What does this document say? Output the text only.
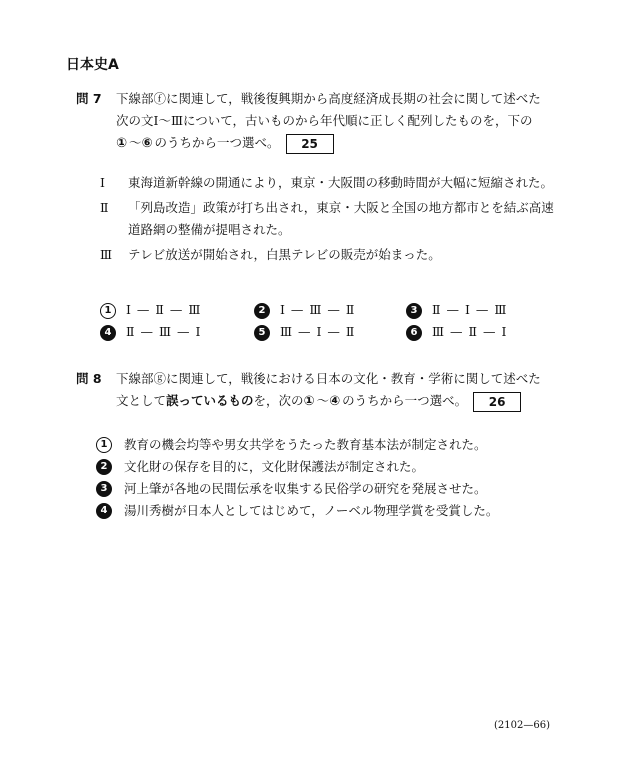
日本史A
問 7	下線部ⓕに関連して，戦後復興期から高度経済成長期の社会に関して述べた

次の文Ⅰ～Ⅲについて，古いものから年代順に正しく配列したものを，下の

① ～⑥ のうちから一つ選べ。 25

Ⅰ	東海道新幹線の開通により，東京・大阪間の移動時間が大幅に短縮された。
Ⅱ	「列島改造」政策が打ち出され，東京・大阪と全国の地方都市とを結ぶ高速道路網の整備が提唱された。
Ⅲ	テレビ放送が開始され，白黒テレビの販売が始まった。
1 Ⅰ — Ⅱ — Ⅲ	2 Ⅰ — Ⅲ — Ⅱ	3 Ⅱ — Ⅰ — Ⅲ
4 Ⅱ — Ⅲ — Ⅰ	5 Ⅲ — Ⅰ — Ⅱ	6 Ⅲ — Ⅱ — Ⅰ
問 8	下線部ⓖに関連して，戦後における日本の文化・教育・学術に関して述べた

文として誤っているものを，次の① ～④ のうちから一つ選べ。 26

1	教育の機会均等や男女共学をうたった教育基本法が制定された。
2	文化財の保存を目的に，文化財保護法が制定された。
3	河上肇が各地の民間伝承を収集する民俗学の研究を発展させた。
4	湯川秀樹が日本人としてはじめて，ノーベル物理学賞を受賞した。
(2102—66)
